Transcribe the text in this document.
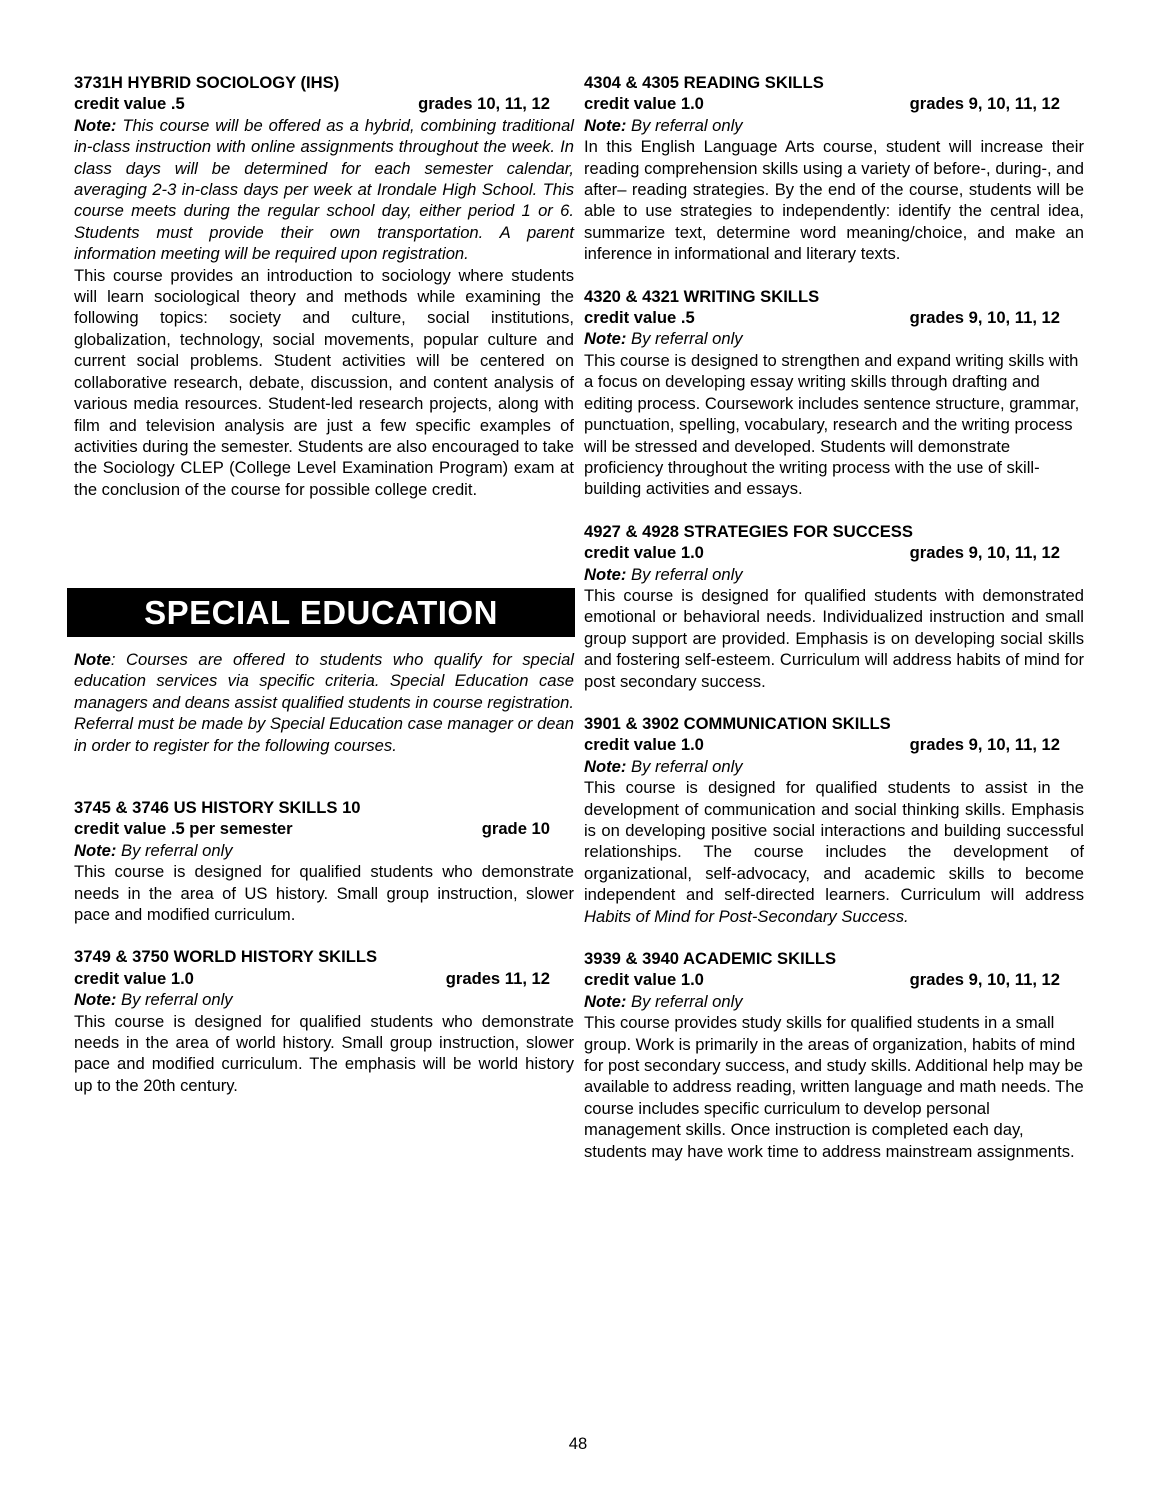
3731H HYBRID SOCIOLOGY (IHS)
credit value .5	grades 10, 11, 12
Note: This course will be offered as a hybrid, combining traditional in-class instruction with online assignments throughout the week. In class days will be determined for each semester calendar, averaging 2-3 in-class days per week at Irondale High School. This course meets during the regular school day, either period 1 or 6. Students must provide their own transportation. A parent information meeting will be required upon registration.
This course provides an introduction to sociology where students will learn sociological theory and methods while examining the following topics: society and culture, social institutions, globalization, technology, social movements, popular culture and current social problems. Student activities will be centered on collaborative research, debate, discussion, and content analysis of various media resources. Student-led research projects, along with film and television analysis are just a few specific examples of activities during the semester. Students are also encouraged to take the Sociology CLEP (College Level Examination Program) exam at the conclusion of the course for possible college credit.
SPECIAL EDUCATION
Note: Courses are offered to students who qualify for special education services via specific criteria. Special Education case managers and deans assist qualified students in course registration. Referral must be made by Special Education case manager or dean in order to register for the following courses.
3745 & 3746 US HISTORY SKILLS 10
credit value .5 per semester	grade 10
Note: By referral only
This course is designed for qualified students who demonstrate needs in the area of US history. Small group instruction, slower pace and modified curriculum.
3749 & 3750 WORLD HISTORY SKILLS
credit value 1.0	grades 11, 12
Note: By referral only
This course is designed for qualified students who demonstrate needs in the area of world history. Small group instruction, slower pace and modified curriculum. The emphasis will be world history up to the 20th century.
4304 & 4305 READING SKILLS
credit value 1.0	grades 9, 10, 11, 12
Note: By referral only
In this English Language Arts course, student will increase their reading comprehension skills using a variety of before-, during-, and after– reading strategies. By the end of the course, students will be able to use strategies to independently: identify the central idea, summarize text, determine word meaning/choice, and make an inference in informational and literary texts.
4320 & 4321 WRITING SKILLS
credit value .5	grades 9, 10, 11, 12
Note: By referral only
This course is designed to strengthen and expand writing skills with a focus on developing essay writing skills through drafting and editing process. Coursework includes sentence structure, grammar, punctuation, spelling, vocabulary, research and the writing process will be stressed and developed. Students will demonstrate proficiency throughout the writing process with the use of skill-building activities and essays.
4927 & 4928 STRATEGIES FOR SUCCESS
credit value 1.0	grades 9, 10, 11, 12
Note: By referral only
This course is designed for qualified students with demonstrated emotional or behavioral needs. Individualized instruction and small group support are provided. Emphasis is on developing social skills and fostering self-esteem. Curriculum will address habits of mind for post secondary success.
3901 & 3902 COMMUNICATION SKILLS
credit value 1.0	grades 9, 10, 11, 12
Note: By referral only
This course is designed for qualified students to assist in the development of communication and social thinking skills. Emphasis is on developing positive social interactions and building successful relationships. The course includes the development of organizational, self-advocacy, and academic skills to become independent and self-directed learners. Curriculum will address Habits of Mind for Post-Secondary Success.
3939 & 3940 ACADEMIC SKILLS
credit value 1.0	grades 9, 10, 11, 12
Note: By referral only
This course provides study skills for qualified students in a small group. Work is primarily in the areas of organization, habits of mind for post secondary success, and study skills. Additional help may be available to address reading, written language and math needs. The course includes specific curriculum to develop personal management skills. Once instruction is completed each day, students may have work time to address mainstream assignments.
48
